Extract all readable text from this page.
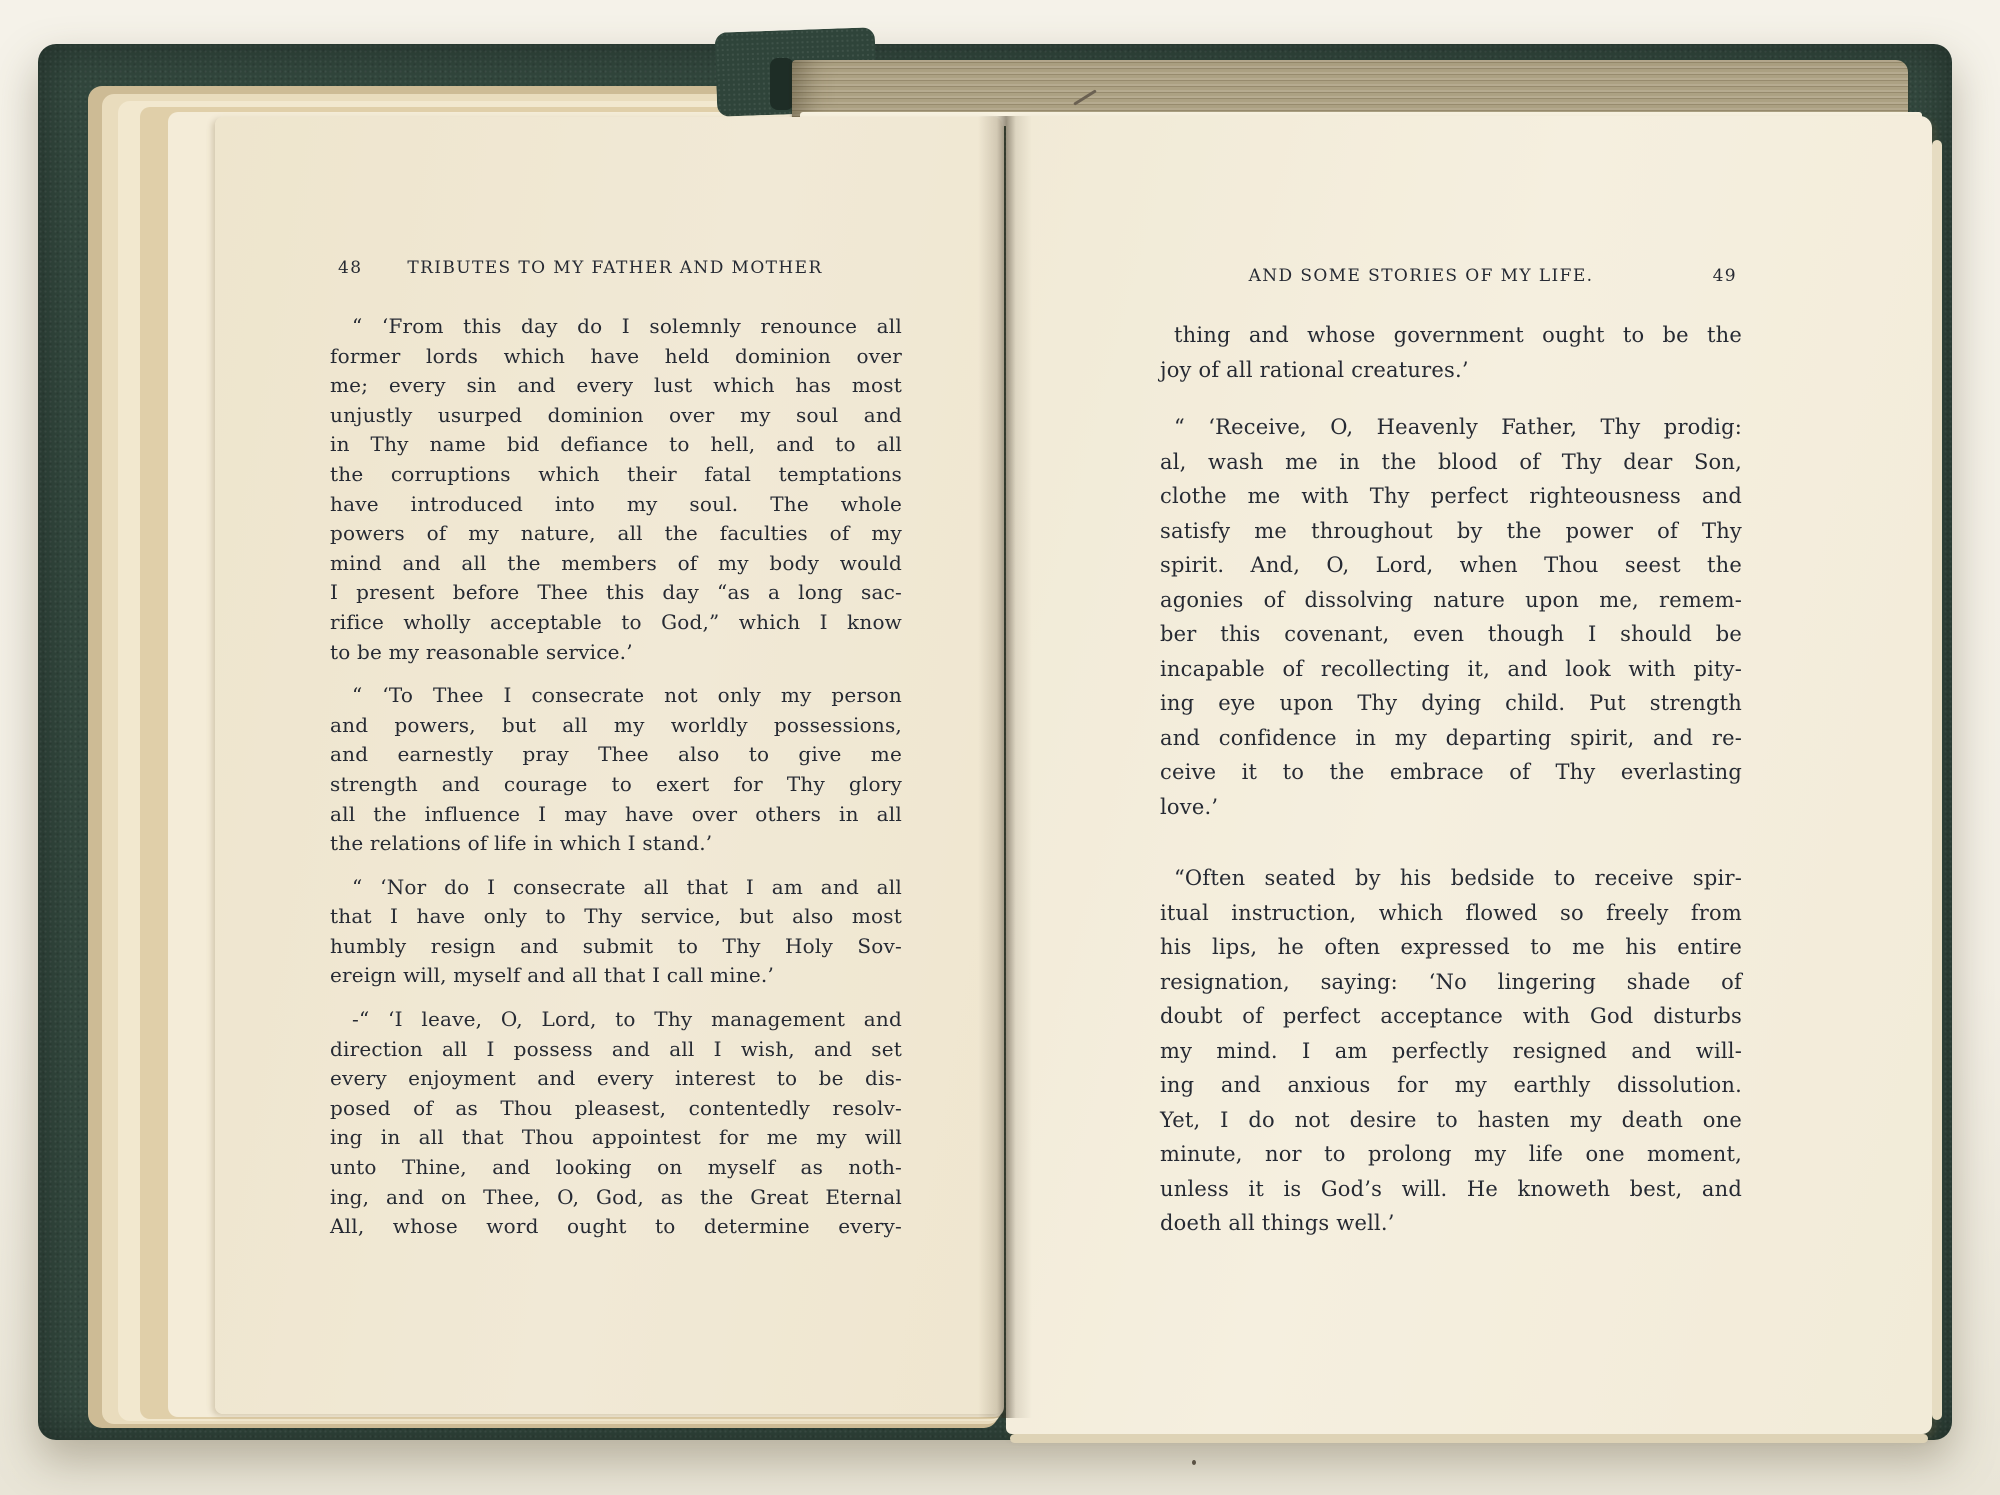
48	TRIBUTES TO MY FATHER AND MOTHER
“ ‘From this day do I solemnly renounce all
former lords which have held dominion over
me; every sin and every lust which has most
unjustly usurped dominion over my soul and
in Thy name bid defiance to hell, and to all
the corruptions which their fatal temptations
have introduced into my soul. The whole
powers of my nature, all the faculties of my
mind and all the members of my body would
I present before Thee this day “as a long sac-
rifice wholly acceptable to God,” which I know
to be my reasonable service.’
“ ‘To Thee I consecrate not only my person
and powers, but all my worldly possessions,
and earnestly pray Thee also to give me
strength and courage to exert for Thy glory
all the influence I may have over others in all
the relations of life in which I stand.’
“ ‘Nor do I consecrate all that I am and all
that I have only to Thy service, but also most
humbly resign and submit to Thy Holy Sov-
ereign will, myself and all that I call mine.’
-“ ‘I leave, O, Lord, to Thy management and
direction all I possess and all I wish, and set
every enjoyment and every interest to be dis-
posed of as Thou pleasest, contentedly resolv-
ing in all that Thou appointest for me my will
unto Thine, and looking on myself as noth-
ing, and on Thee, O, God, as the Great Eternal
All, whose word ought to determine every-
AND SOME STORIES OF MY LIFE.	49
thing and whose government ought to be the
joy of all rational creatures.’
“ ‘Receive, O, Heavenly Father, Thy prodig:
al, wash me in the blood of Thy dear Son,
clothe me with Thy perfect righteousness and
satisfy me throughout by the power of Thy
spirit. And, O, Lord, when Thou seest the
agonies of dissolving nature upon me, remem-
ber this covenant, even though I should be
incapable of recollecting it, and look with pity-
ing eye upon Thy dying child. Put strength
and confidence in my departing spirit, and re-
ceive it to the embrace of Thy everlasting
love.’
“Often seated by his bedside to receive spir-
itual instruction, which flowed so freely from
his lips, he often expressed to me his entire
resignation, saying: ‘No lingering shade of
doubt of perfect acceptance with God disturbs
my mind. I am perfectly resigned and will-
ing and anxious for my earthly dissolution.
Yet, I do not desire to hasten my death one
minute, nor to prolong my life one moment,
unless it is God’s will. He knoweth best, and
doeth all things well.’
